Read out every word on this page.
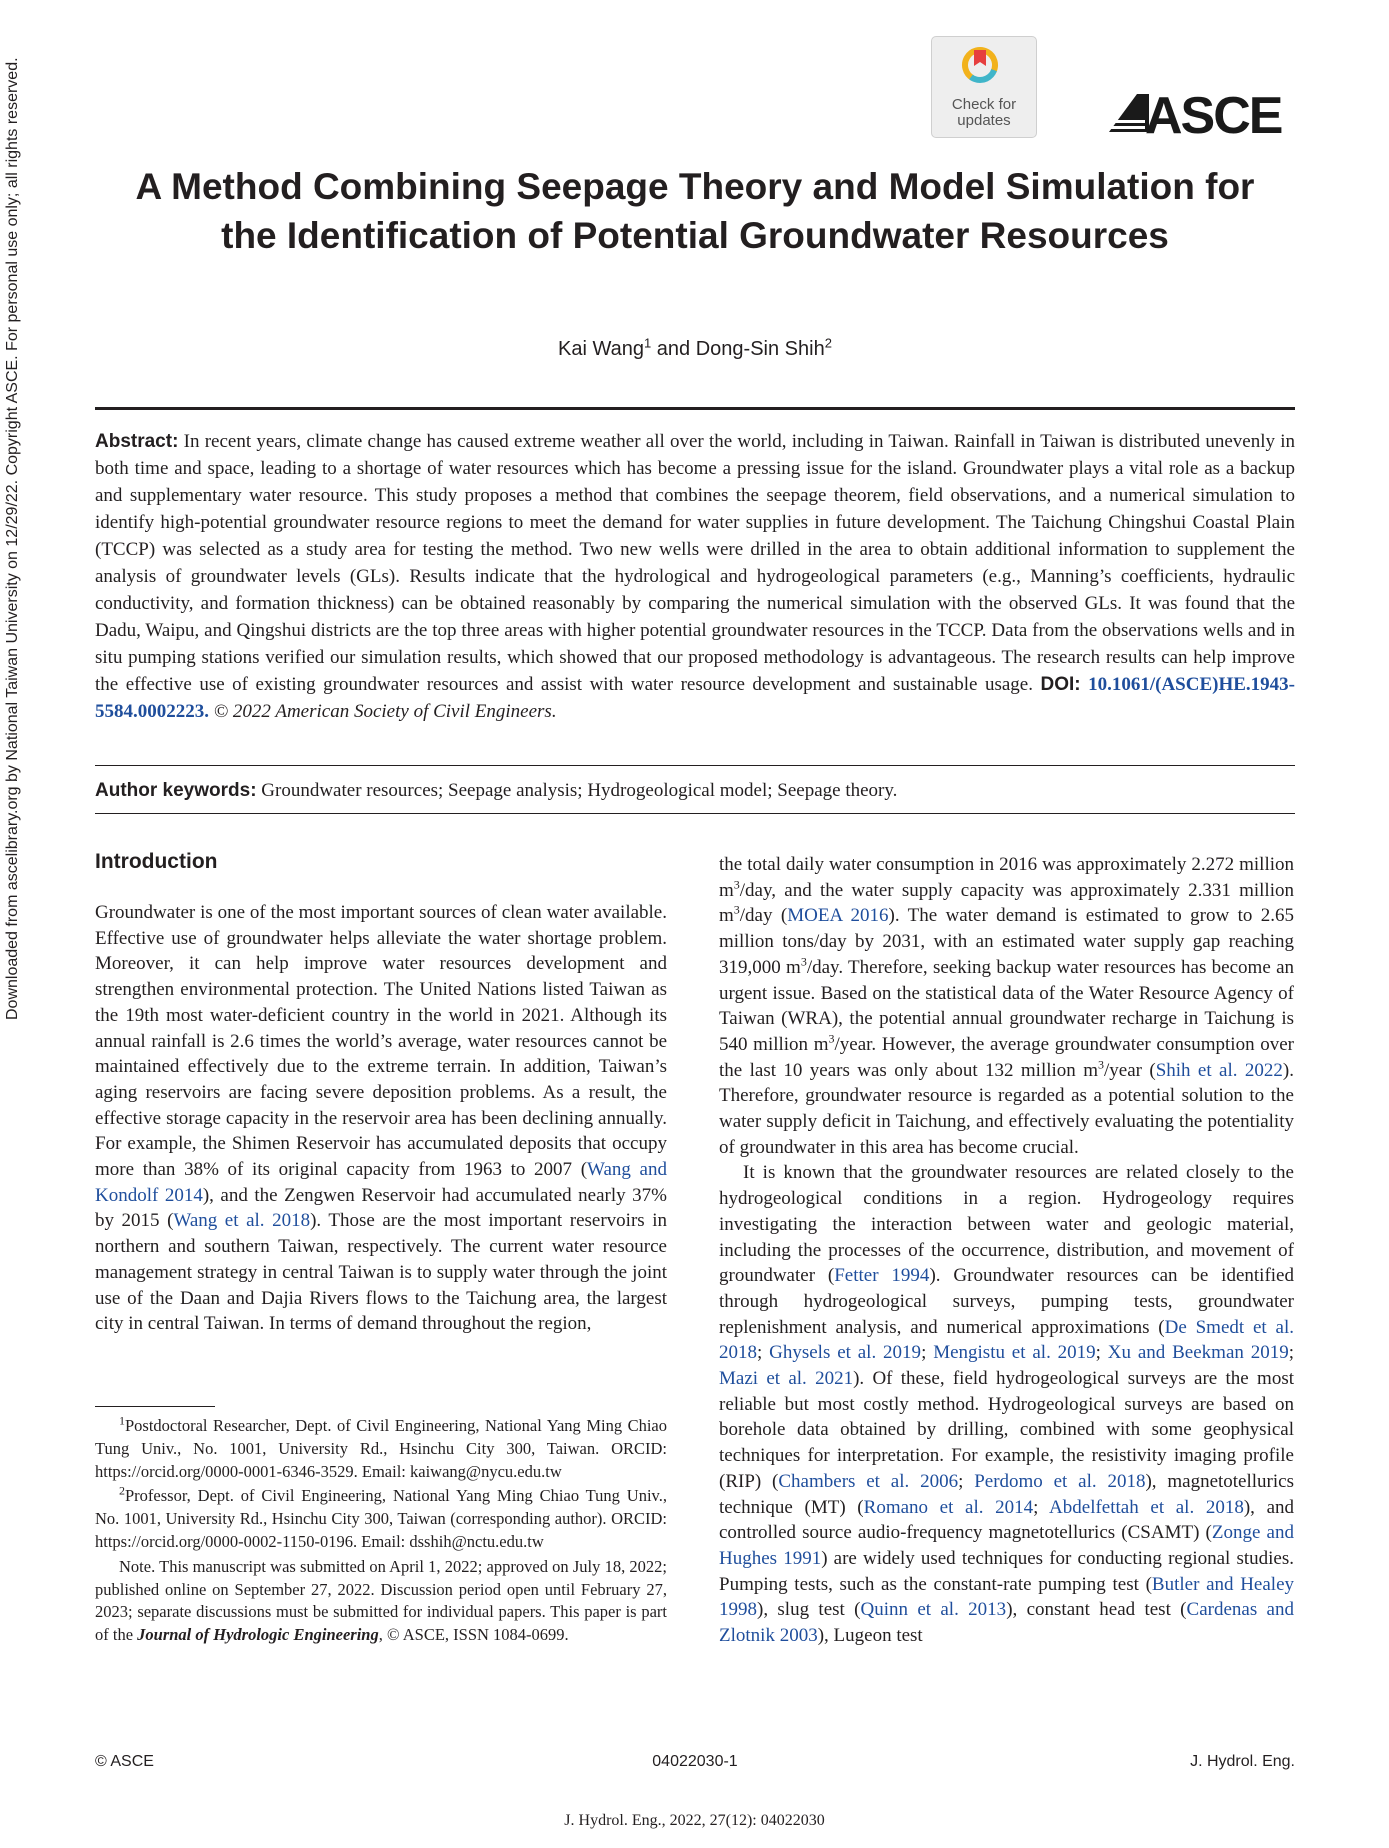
Downloaded from ascelibrary.org by National Taiwan University on 12/29/22. Copyright ASCE. For personal use only; all rights reserved.	Check for
updates	ASCE
A Method Combining Seepage Theory and Model Simulation for the Identification of Potential Groundwater Resources
Kai Wang$^1$ and Dong-Sin Shih$^2$

Abstract: In recent years, climate change has caused extreme weather all over the world, including in Taiwan. Rainfall in Taiwan is distributed unevenly in both time and space, leading to a shortage of water resources which has become a pressing issue for the island. Groundwater plays a vital role as a backup and supplementary water resource. This study proposes a method that combines the seepage theorem, field observations, and a numerical simulation to identify high-potential groundwater resource regions to meet the demand for water supplies in future development. The Taichung Chingshui Coastal Plain (TCCP) was selected as a study area for testing the method. Two new wells were drilled in the area to obtain additional information to supplement the analysis of groundwater levels (GLs). Results indicate that the hydrological and hydrogeological parameters (e.g., Manning’s coefficients, hydraulic conductivity, and formation thickness) can be obtained reasonably by comparing the numerical simulation with the observed GLs. It was found that the Dadu, Waipu, and Qingshui districts are the top three areas with higher potential groundwater resources in the TCCP. Data from the observations wells and in situ pumping stations verified our simulation results, which showed that our proposed methodology is advantageous. The research results can help improve the effective use of existing groundwater resources and assist with water resource development and sustainable usage. DOI: 10.1061/(ASCE)HE.1943-5584.0002223. © 2022 American Society of Civil Engineers.

Author keywords: Groundwater resources; Seepage analysis; Hydrogeological model; Seepage theory.

Introduction

Groundwater is one of the most important sources of clean water available. Effective use of groundwater helps alleviate the water shortage problem. Moreover, it can help improve water resources development and strengthen environmental protection. The United Nations listed Taiwan as the 19th most water-deficient country in the world in 2021. Although its annual rainfall is 2.6 times the world’s average, water resources cannot be maintained effectively due to the extreme terrain. In addition, Taiwan’s aging reservoirs are facing severe deposition problems. As a result, the effective storage capacity in the reservoir area has been declining annually. For example, the Shimen Reservoir has accumulated deposits that occupy more than 38% of its original capacity from 1963 to 2007 (Wang and Kondolf 2014), and the Zengwen Reservoir had accumulated nearly 37% by 2015 (Wang et al. 2018). Those are the most important reservoirs in northern and southern Taiwan, respectively. The current water resource management strategy in central Taiwan is to supply water through the joint use of the Daan and Dajia Rivers flows to the Taichung area, the largest city in central Taiwan. In terms of demand throughout the region,

$^1$Postdoctoral Researcher, Dept. of Civil Engineering, National Yang Ming Chiao Tung Univ., No. 1001, University Rd., Hsinchu City 300, Taiwan. ORCID: https://orcid.org/0000-0001-6346-3529. Email: kaiwang@nycu.edu.tw

$^2$Professor, Dept. of Civil Engineering, National Yang Ming Chiao Tung Univ., No. 1001, University Rd., Hsinchu City 300, Taiwan (corresponding author). ORCID: https://orcid.org/0000-0002-1150-0196. Email: dsshih@nctu.edu.tw

Note. This manuscript was submitted on April 1, 2022; approved on July 18, 2022; published online on September 27, 2022. Discussion period open until February 27, 2023; separate discussions must be submitted for individual papers. This paper is part of the Journal of Hydrologic Engineering, © ASCE, ISSN 1084-0699.

the total daily water consumption in 2016 was approximately 2.272 million $m^3$/day, and the water supply capacity was approximately 2.331 million $m^3$/day (MOEA 2016). The water demand is estimated to grow to 2.65 million tons/day by 2031, with an estimated water supply gap reaching 319,000 $m^3$/day. Therefore, seeking backup water resources has become an urgent issue. Based on the statistical data of the Water Resource Agency of Taiwan (WRA), the potential annual groundwater recharge in Taichung is 540 million $m^3$/year. However, the average groundwater consumption over the last 10 years was only about 132 million $m^3$/year (Shih et al. 2022). Therefore, groundwater resource is regarded as a potential solution to the water supply deficit in Taichung, and effectively evaluating the potentiality of groundwater in this area has become crucial.

It is known that the groundwater resources are related closely to the hydrogeological conditions in a region. Hydrogeology requires investigating the interaction between water and geologic material, including the processes of the occurrence, distribution, and movement of groundwater (Fetter 1994). Groundwater resources can be identified through hydrogeological surveys, pumping tests, groundwater replenishment analysis, and numerical approximations (De Smedt et al. 2018; Ghysels et al. 2019; Mengistu et al. 2019; Xu and Beekman 2019; Mazi et al. 2021). Of these, field hydrogeological surveys are the most reliable but most costly method. Hydrogeological surveys are based on borehole data obtained by drilling, combined with some geophysical techniques for interpretation. For example, the resistivity imaging profile (RIP) (Chambers et al. 2006; Perdomo et al. 2018), magnetotellurics technique (MT) (Romano et al. 2014; Abdelfettah et al. 2018), and controlled source audio-frequency magnetotellurics (CSAMT) (Zonge and Hughes 1991) are widely used techniques for conducting regional studies. Pumping tests, such as the constant-rate pumping test (Butler and Healey 1998), slug test (Quinn et al. 2013), constant head test (Cardenas and Zlotnik 2003), Lugeon test

© ASCE	04022030-1	J. Hydrol. Eng.
J. Hydrol. Eng., 2022, 27(12): 04022030
